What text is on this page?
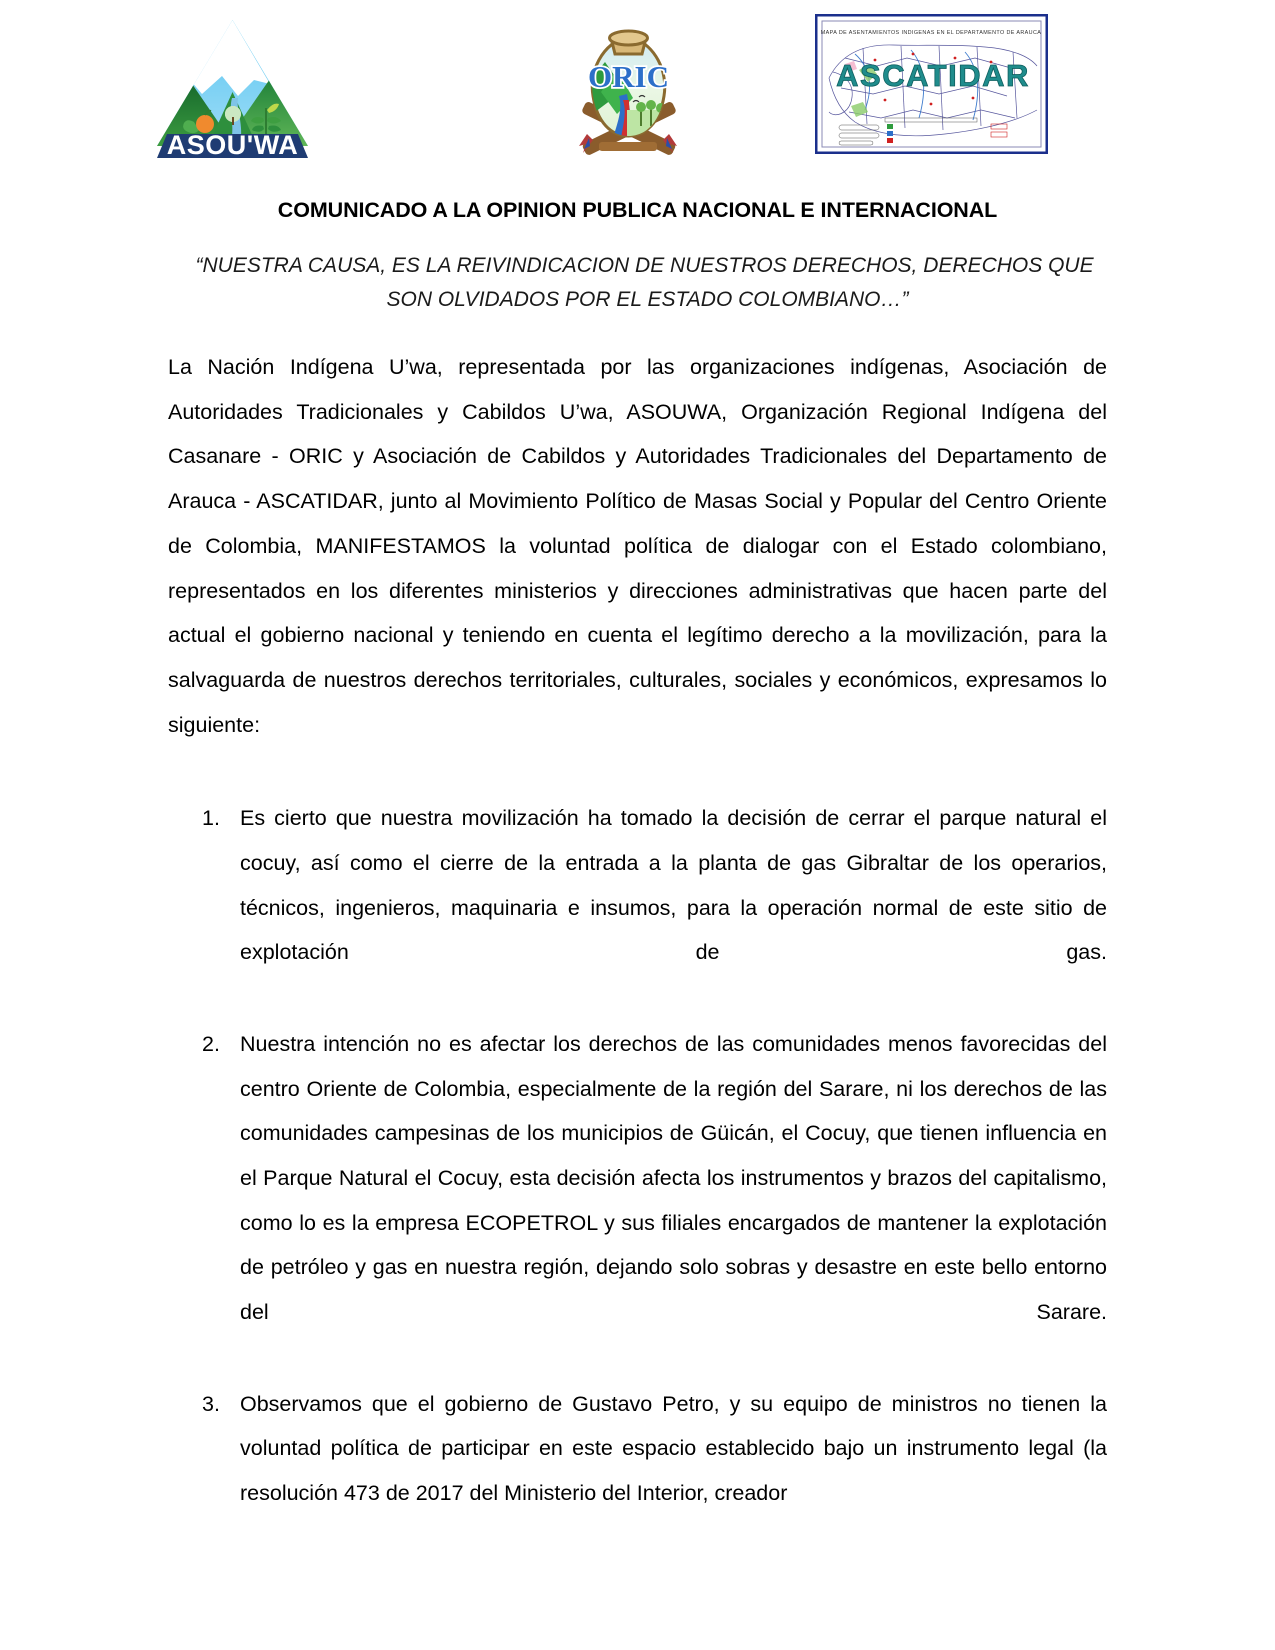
ASOU'WA
ORIC
MAPA DE ASENTAMIENTOS INDIGENAS EN EL DEPARTAMENTO DE ARAUCA
ASCATIDAR
COMUNICADO A LA OPINION PUBLICA NACIONAL E INTERNACIONAL
“NUESTRA CAUSA, ES LA REIVINDICACION DE NUESTROS DERECHOS, DERECHOS QUE
SON OLVIDADOS POR EL ESTADO COLOMBIANO…”

La Nación Indígena U’wa, representada por las organizaciones indígenas, Asociación de Autoridades Tradicionales y Cabildos U’wa, ASOUWA, Organización Regional Indígena del Casanare - ORIC y Asociación de Cabildos y Autoridades Tradicionales del Departamento de Arauca - ASCATIDAR, junto al Movimiento Político de Masas Social y Popular del Centro Oriente de Colombia, MANIFESTAMOS la voluntad política de dialogar con el Estado colombiano, representados en los diferentes ministerios y direcciones administrativas que hacen parte del actual el gobierno nacional y teniendo en cuenta el legítimo derecho a la movilización, para la salvaguarda de nuestros derechos territoriales, culturales, sociales y económicos, expresamos lo siguiente:

Es cierto que nuestra movilización ha tomado la decisión de cerrar el parque natural el cocuy, así como el cierre de la entrada a la planta de gas Gibraltar de los operarios, técnicos, ingenieros, maquinaria e insumos, para la operación normal de este sitio de explotación de gas.
Nuestra intención no es afectar los derechos de las comunidades menos favorecidas del centro Oriente de Colombia, especialmente de la región del Sarare, ni los derechos de las comunidades campesinas de los municipios de Güicán, el Cocuy, que tienen influencia en el Parque Natural el Cocuy, esta decisión afecta los instrumentos y brazos del capitalismo, como lo es la empresa ECOPETROL y sus filiales encargados de mantener la explotación de petróleo y gas en nuestra región, dejando solo sobras y desastre en este bello entorno del Sarare.
Observamos que el gobierno de Gustavo Petro, y su equipo de ministros no tienen la voluntad política de participar en este espacio establecido bajo un instrumento legal (la resolución 473 de 2017 del Ministerio del Interior, creador
